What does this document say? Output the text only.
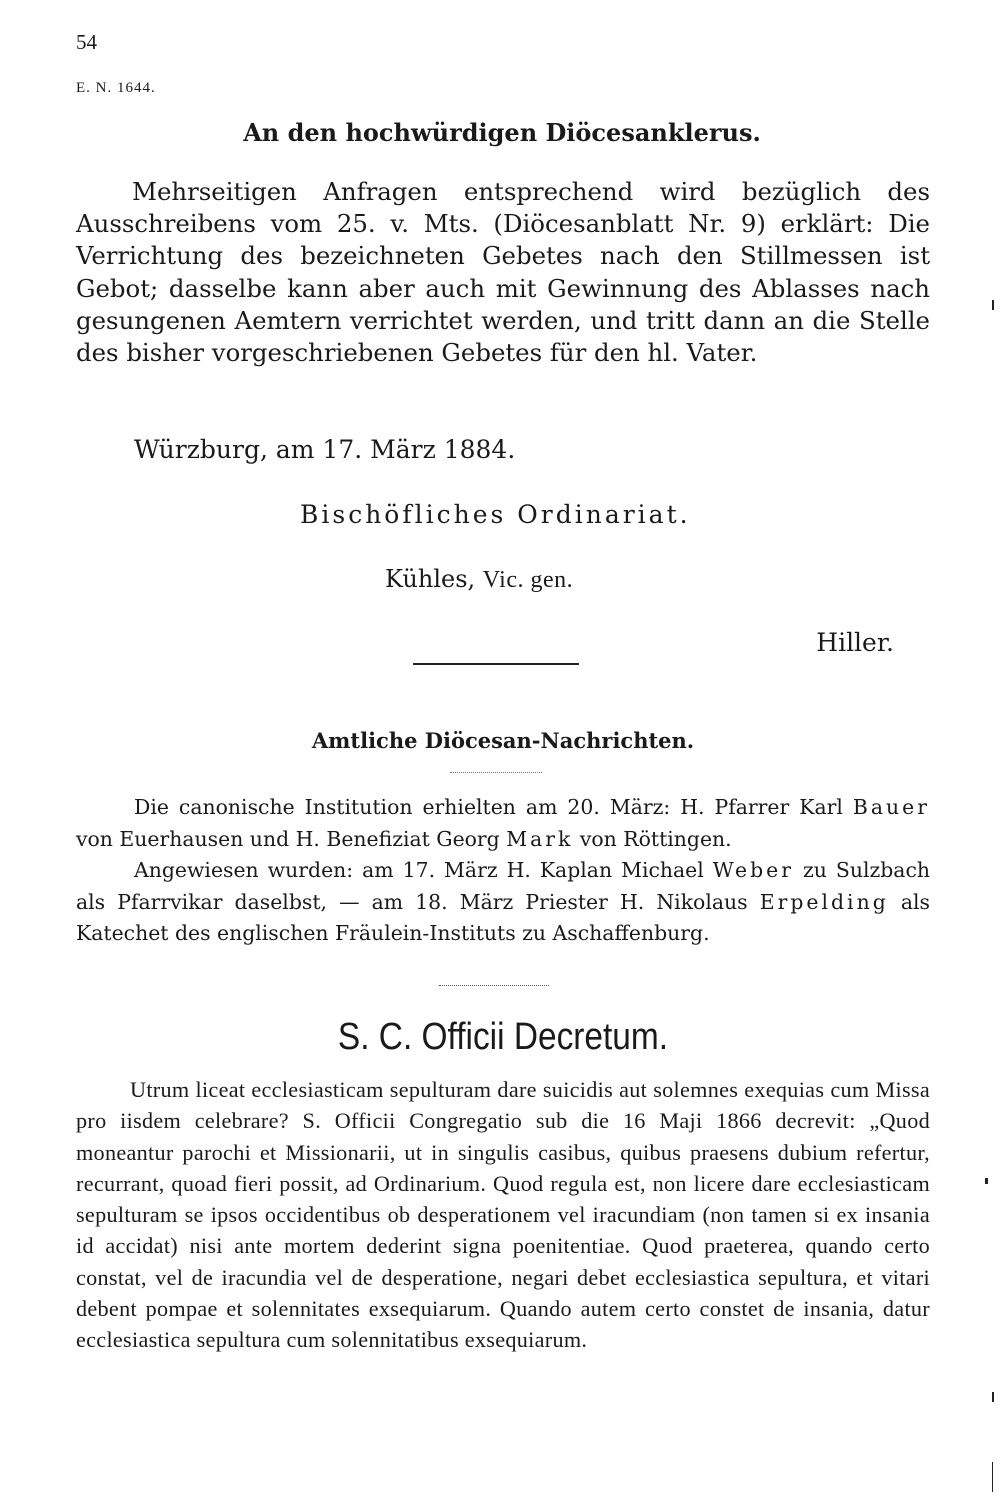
54
E. N. 1644.
An den hochwürdigen Diöcesanklerus.
Mehrseitigen Anfragen entsprechend wird bezüglich des Ausschreibens vom 25. v. Mts. (Diöcesanblatt Nr. 9) erklärt: Die Verrichtung des bezeichneten Gebetes nach den Stillmessen ist Gebot; dasselbe kann aber auch mit Gewinnung des Ablasses nach gesungenen Aemtern verrichtet werden, und tritt dann an die Stelle des bisher vorgeschriebenen Gebetes für den hl. Vater.
Würzburg, am 17. März 1884.
Bischöfliches Ordinariat.
Kühles, Vic. gen.
Hiller.
Amtliche Diöcesan-Nachrichten.
Die canonische Institution erhielten am 20. März: H. Pfarrer Karl Bauer von Euerhausen und H. Benefiziat Georg Mark von Röttingen.
Angewiesen wurden: am 17. März H. Kaplan Michael Weber zu Sulzbach als Pfarrvikar daselbst, — am 18. März Priester H. Nikolaus Erpelding als Katechet des englischen Fräulein-Instituts zu Aschaffenburg.
S. C. Officii Decretum.
Utrum liceat ecclesiasticam sepulturam dare suicidis aut solemnes exequias cum Missa pro iisdem celebrare? S. Officii Congregatio sub die 16 Maji 1866 decrevit: „Quod moneantur parochi et Missionarii, ut in singulis casibus, quibus praesens dubium refertur, recurrant, quoad fieri possit, ad Ordinarium. Quod regula est, non licere dare ecclesiasticam sepulturam se ipsos occidentibus ob desperationem vel iracundiam (non tamen si ex insania id accidat) nisi ante mortem dederint signa poenitentiae. Quod praeterea, quando certo constat, vel de iracundia vel de desperatione, negari debet ecclesiastica sepultura, et vitari debent pompae et solennitates exsequiarum. Quando autem certo constet de insania, datur ecclesiastica sepultura cum solennitatibus exsequiarum.
